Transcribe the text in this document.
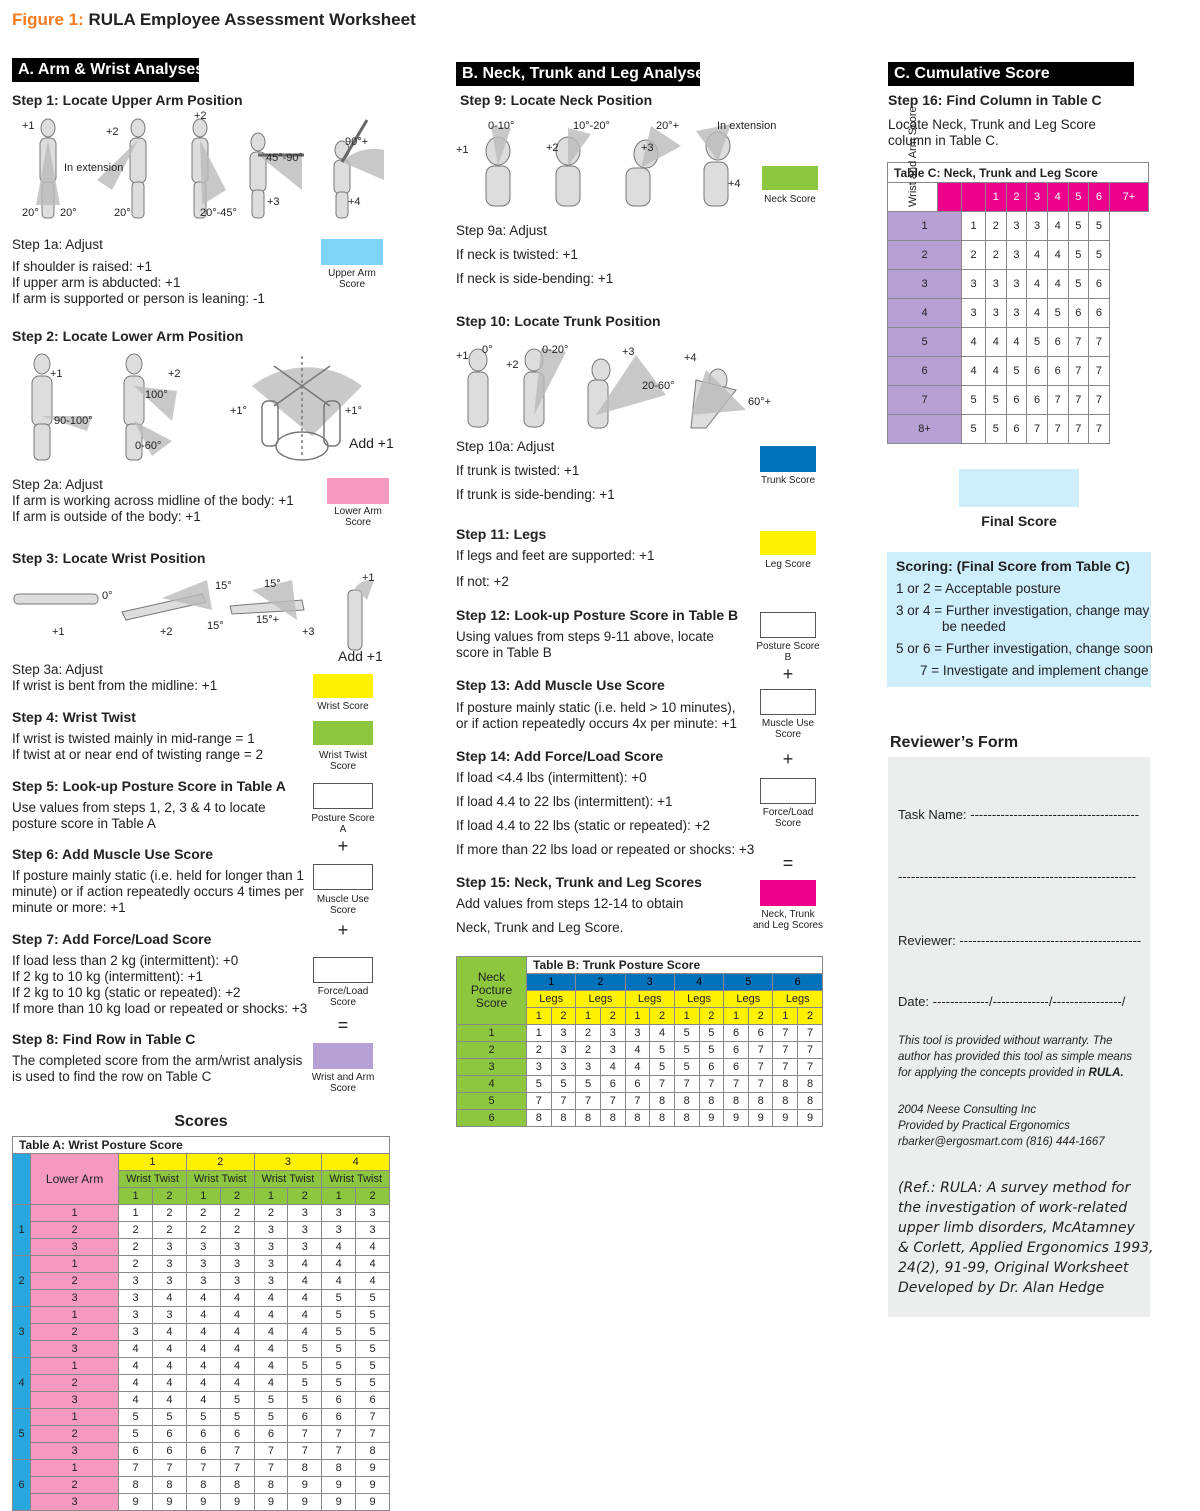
Figure 1: RULA Employee Assessment Worksheet
A. Arm & Wrist Analyses
Step 1: Locate Upper Arm Position
+1	+2
+2
In extension
45°-90°
90°+
20° 20°	20°	20°-45°
+3	+4
Step 1a: Adjust
If shoulder is raised: +1
If upper arm is abducted: +1
If arm is supported or person is leaning: -1
Upper Arm Score
Step 2: Locate Lower Arm Position
+1	+2
100°
90-100°
0-60°
+1°	+1°
Add +1
Step 2a: Adjust
If arm is working across midline of the body: +1
If arm is outside of the body: +1	Lower Arm Score
Step 3: Locate Wrist Position
0°
15°
15°
15°
15°+
+1	+2	+3
+1
Add +1
Step 3a: Adjust
If wrist is bent from the midline: +1
Wrist Score
Step 4: Wrist Twist
If wrist is twisted mainly in mid-range = 1
If twist at or near end of twisting range = 2	Wrist Twist Score
Step 5: Look-up Posture Score in Table A
Use values from steps 1, 2, 3 & 4 to locate
posture score in Table A	Posture Score A
+
Step 6: Add Muscle Use Score
If posture mainly static (i.e. held for longer than 1
minute) or if action repeatedly occurs 4 times per
minute or more: +1
Muscle Use Score
+
Step 7: Add Force/Load Score
If load less than 2 kg (intermittent): +0
If 2 kg to 10 kg (intermittent): +1
If 2 kg to 10 kg (static or repeated): +2
If more than 10 kg load or repeated or shocks: +3
Force/Load Score
=
Step 8: Find Row in Table C
The completed score from the arm/wrist analysis
is used to find the row on Table C	Wrist and Arm Score
Scores
Table A: Wrist Posture Score									
	Lower Arm	1		2		3		4	
		Wrist Twist		Wrist Twist		Wrist Twist		Wrist Twist	
		1	2	1	2	1	2	1	2
1	1	1	2	2	2	2	3	3	3
	2	2	2	2	2	3	3	3	3
	3	2	3	3	3	3	3	4	4
2	1	2	3	3	3	3	4	4	4
	2	3	3	3	3	3	4	4	4
	3	3	4	4	4	4	4	5	5
3	1	3	3	4	4	4	4	5	5
	2	3	4	4	4	4	4	5	5
	3	4	4	4	4	4	5	5	5
4	1	4	4	4	4	4	5	5	5
	2	4	4	4	4	4	5	5	5
	3	4	4	4	5	5	5	6	6
5	1	5	5	5	5	5	6	6	7
	2	5	6	6	6	6	7	7	7
	3	6	6	6	7	7	7	7	8
6	1	7	7	7	7	7	8	8	9
	2	8	8	8	8	8	9	9	9
	3	9	9	9	9	9	9	9	9
B. Neck, Trunk and Leg Analyses
Step 9: Locate Neck Position
0-10°	10°-20°	20°+	In extension
+1	+2	+3
+4
Neck Score
Step 9a: Adjust
If neck is twisted: +1
If neck is side-bending: +1
Step 10: Locate Trunk Position
+1 0°
+2
0-20°	+3
20-60°
+4
60°+
Step 10a: Adjust
If trunk is twisted: +1
If trunk is side-bending: +1
Trunk Score
Step 11: Legs
If legs and feet are supported: +1
If not: +2
Leg Score
Step 12: Look-up Posture Score in Table B
Using values from steps 9-11 above, locate
score in Table B	Posture Score B
+
Step 13: Add Muscle Use Score
If posture mainly static (i.e. held > 10 minutes),
or if action repeatedly occurs 4x per minute: +1	Muscle Use Score
+
Step 14: Add Force/Load Score
If load <4.4 lbs (intermittent): +0
If load 4.4 to 22 lbs (intermittent): +1
If load 4.4 to 22 lbs (static or repeated): +2
If more than 22 lbs load or repeated or shocks: +3
Force/Load Score
=
Step 15: Neck, Trunk and Leg Scores
Add values from steps 12-14 to obtain
Neck, Trunk and Leg Score.
Neck, Trunk and Leg Scores
Neck Pocture Score	Table B: Trunk Posture Score											
	1		2		3		4		5		6	
	Legs		Legs		Legs		Legs		Legs		Legs	
	1	2	1	2	1	2	1	2	1	2	1	2
1	1	3	2	3	3	4	5	5	6	6	7	7
2	2	3	2	3	4	5	5	5	6	7	7	7
3	3	3	3	4	4	5	5	6	6	7	7	7
4	5	5	5	6	6	7	7	7	7	7	8	8
5	7	7	7	7	7	8	8	8	8	8	8	8
6	8	8	8	8	8	8	8	9	9	9	9	9
C. Cumulative Score
Step 16: Find Column in Table C
Locate Neck, Trunk and Leg Score
column in Table C.
Table C: Neck, Trunk and Leg Score									

Wrist and Arm Score			1	2	3	4	5	6	7+
1		1	2	3	3	4	5	5	
2		2	2	3	4	4	5	5	
3		3	3	3	4	4	5	6	
4		3	3	3	4	5	6	6	
5		4	4	4	5	6	7	7	
6		4	4	5	6	6	7	7	
7		5	5	6	6	7	7	7	
8+		5	5	6	7	7	7	7	
Final Score
Scoring: (Final Score from Table C)
1 or 2 = Acceptable posture
3 or 4 = Further investigation, change may
be needed
5 or 6 = Further investigation, change soon
7 = Investigate and implement change
Reviewer’s Form
Task Name: ---------------------------------------
-------------------------------------------------------
Reviewer: ------------------------------------------
Date: -------------/-------------/----------------/
This tool is provided without warranty. The
author has provided this tool as simple means
for applying the concepts provided in RULA.
2004 Neese Consulting Inc
Provided by Practical Ergonomics
rbarker@ergosmart.com (816) 444-1667
(Ref.: RULA: A survey method for
the investigation of work-related
upper limb disorders, McAtamney
& Corlett, Applied Ergonomics 1993,
24(2), 91-99, Original Worksheet
Developed by Dr. Alan Hedge
